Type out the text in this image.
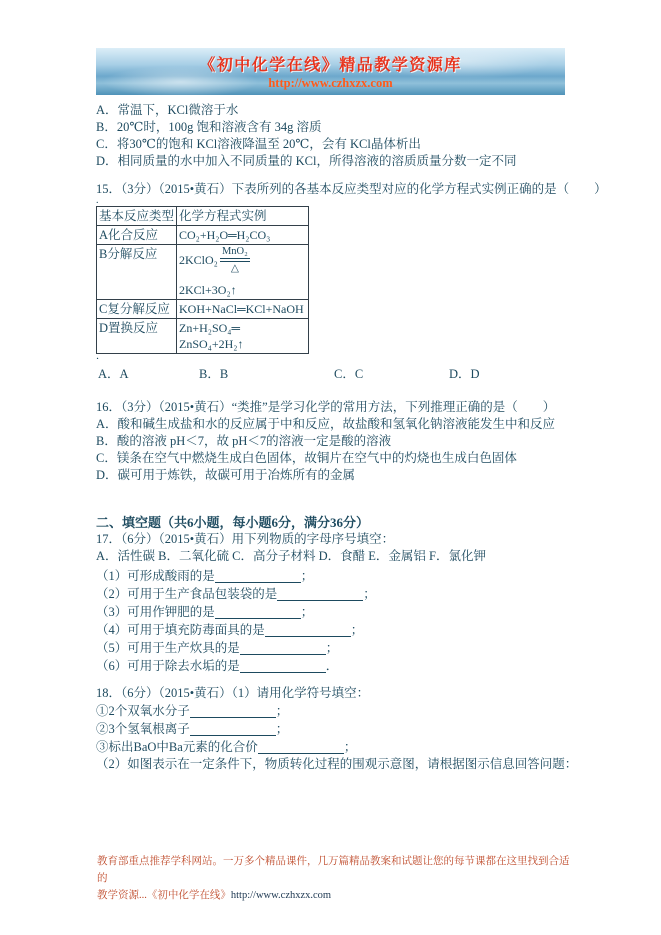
《初中化学在线》精品教学资源库
http://www.czhxzx.com
A．常温下，KCl微溶于水
B．20℃时，100g 饱和溶液含有 34g 溶质
C．将30℃的饱和 KCl溶液降温至 20℃，会有 KCl晶体析出
D．相同质量的水中加入不同质量的 KCl，所得溶液的溶质质量分数一定不同
15．（3分）（2015•黄石）下表所列的各基本反应类型对应的化学方程式实例正确的是（　　）
.
基本反应类型	化学方程式实例
A化合反应	CO₂+H₂O═H₂CO₃
B分解反应	2KClO₂
MnO₂
△
2KCl+3O₂↑

C复分解反应	KOH+NaCl═KCl+NaOH
D置换反应	Zn+H₂SO₄═
ZnSO₄+2H₂↑
．
A．A	B．B	C．C	D．D
16．（3分）（2015•黄石）“类推”是学习化学的常用方法，下列推理正确的是（　　）
A．酸和碱生成盐和水的反应属于中和反应，故盐酸和氢氧化钠溶液能发生中和反应
B．酸的溶液 pH＜7，故 pH＜7的溶液一定是酸的溶液
C．镁条在空气中燃烧生成白色固体，故铜片在空气中的灼烧也生成白色固体
D．碳可用于炼铁，故碳可用于冶炼所有的金属
二、填空题（共6小题，每小题6分，满分36分）
17．（6分）（2015•黄石）用下列物质的字母序号填空：
A．活性碳 B．二氧化硫 C．高分子材料 D．食醋 E．金属铝 F．氯化钾
（1）可形成酸雨的是	；
（2）可用于生产食品包装袋的是	；
（3）可用作钾肥的是	；
（4）可用于填充防毒面具的是	；
（5）可用于生产炊具的是	；
（6）可用于除去水垢的是	．
18．（6分）（2015•黄石）（1）请用化学符号填空：
①2个双氧水分子	；
②3个氢氧根离子	；
③标出BaO中Ba元素的化合价	；
（2）如图表示在一定条件下，物质转化过程的围观示意图，请根据图示信息回答问题：
教育部重点推荐学科网站。一万多个精品课件，几万篇精品教案和试题让您的每节课都在这里找到合适的
教学资源...《初中化学在线》http://www.czhxzx.com
